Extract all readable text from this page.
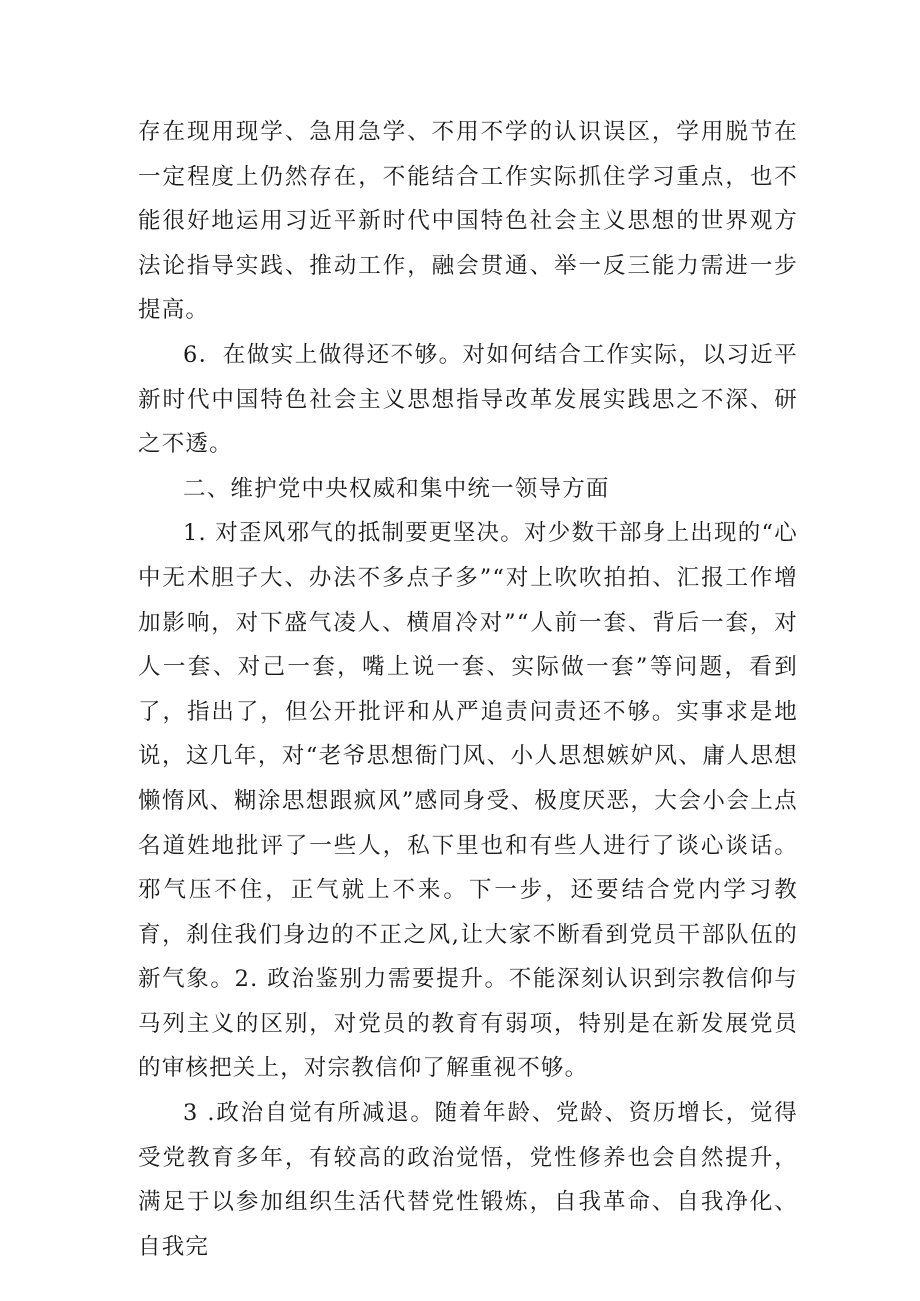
存在现用现学、急用急学、不用不学的认识误区，学用脱节在一定程度上仍然存在，不能结合工作实际抓住学习重点，也不能很好地运用习近平新时代中国特色社会主义思想的世界观方法论指导实践、推动工作，融会贯通、举一反三能力需进一步提高。

6．在做实上做得还不够。对如何结合工作实际，以习近平新时代中国特色社会主义思想指导改革发展实践思之不深、研之不透。

二、维护党中央权威和集中统一领导方面

1. 对歪风邪气的抵制要更坚决。对少数干部身上出现的“心中无术胆子大、办法不多点子多”“对上吹吹拍拍、汇报工作增加影响，对下盛气凌人、横眉冷对”“人前一套、背后一套，对人一套、对己一套，嘴上说一套、实际做一套”等问题，看到了，指出了，但公开批评和从严追责问责还不够。实事求是地说，这几年，对“老爷思想衙门风、小人思想嫉妒风、庸人思想懒惰风、糊涂思想跟疯风”感同身受、极度厌恶，大会小会上点名道姓地批评了一些人，私下里也和有些人进行了谈心谈话。邪气压不住，正气就上不来。下一步，还要结合党内学习教育，刹住我们身边的不正之风,让大家不断看到党员干部队伍的新气象。2. 政治鉴别力需要提升。不能深刻认识到宗教信仰与马列主义的区别，对党员的教育有弱项，特别是在新发展党员的审核把关上，对宗教信仰了解重视不够。

3 .政治自觉有所减退。随着年龄、党龄、资历增长，觉得受党教育多年，有较高的政治觉悟，党性修养也会自然提升，满足于以参加组织生活代替党性锻炼，自我革命、自我净化、自我完
